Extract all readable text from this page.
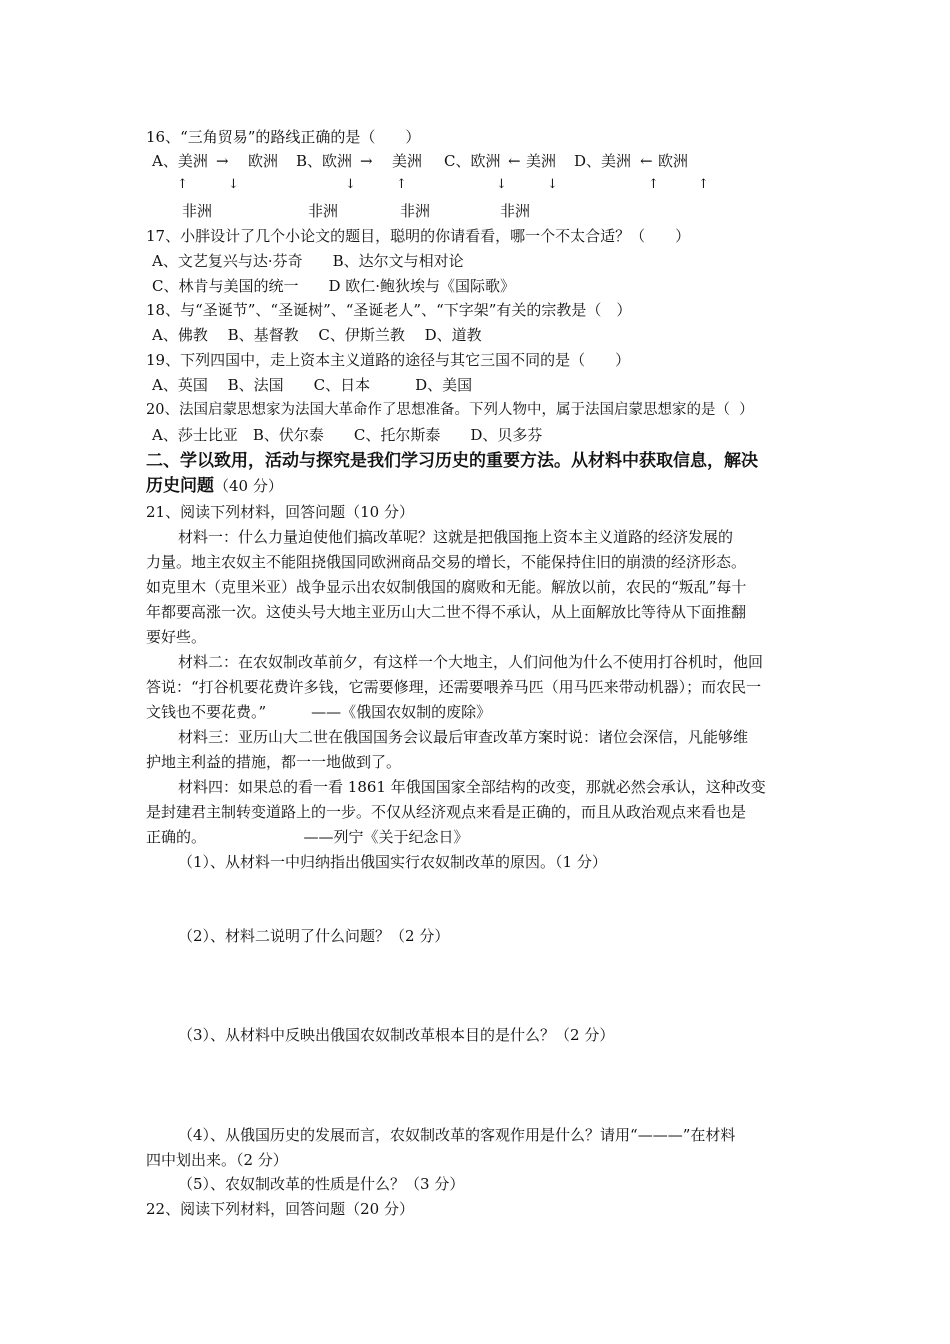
16、“三角贸易”的路线正确的是（　　）
A、美洲 → 欧洲 B、欧洲 → 美洲 C、欧洲 ← 美洲 D、美洲 ← 欧洲
↑	↓	↓	↑	↓	↓	↑	↑
非洲	非洲	非洲	非洲
17、小胖设计了几个小论文的题目，聪明的你请看看，哪一个不太合适？（　　）
A、文艺复兴与达·芬奇　　B、达尔文与相对论
C、林肯与美国的统一　　D 欧仁·鲍狄埃与《国际歌》
18、与“圣诞节”、“圣诞树”、“圣诞老人”、“下字架”有关的宗教是（　）
A、佛教　 B、基督教　 C、伊斯兰教　 D、道教
19、下列四国中，走上资本主义道路的途径与其它三国不同的是（　　）
A、英国　 B、法国　　C、日本　　　D、美国
20、法国启蒙思想家为法国大革命作了思想准备。下列人物中，属于法国启蒙思想家的是（  ）
A、莎士比亚　B、伏尔泰　　C、托尔斯泰　　D、贝多芬
二、学以致用，活动与探究是我们学习历史的重要方法。从材料中获取信息，解决
历史问题（40 分）
21、阅读下列材料，回答问题（10 分）
材料一：什么力量迫使他们搞改革呢？这就是把俄国拖上资本主义道路的经济发展的
力量。地主农奴主不能阻挠俄国同欧洲商品交易的增长，不能保持住旧的崩溃的经济形态。
如克里木（克里米亚）战争显示出农奴制俄国的腐败和无能。解放以前，农民的“叛乱”每十
年都要高涨一次。这使头号大地主亚历山大二世不得不承认，从上面解放比等待从下面推翻
要好些。
材料二：在农奴制改革前夕，有这样一个大地主，人们问他为什么不使用打谷机时，他回
答说：“打谷机要花费许多钱，它需要修理，还需要喂养马匹（用马匹来带动机器）；而农民一
文钱也不要花费。”　　　——《俄国农奴制的废除》
材料三：亚历山大二世在俄国国务会议最后审查改革方案时说：诸位会深信，凡能够维
护地主利益的措施，都一一地做到了。
材料四：如果总的看一看 1861 年俄国国家全部结构的改变，那就必然会承认，这种改变
是封建君主制转变道路上的一步。不仅从经济观点来看是正确的，而且从政治观点来看也是
正确的。　　　　　　　——列宁《关于纪念日》
（1）、从材料一中归纳指出俄国实行农奴制改革的原因。（1 分）
（2）、材料二说明了什么问题？（2 分）
（3）、从材料中反映出俄国农奴制改革根本目的是什么？（2 分）
（4）、从俄国历史的发展而言，农奴制改革的客观作用是什么？请用“———”在材料
四中划出来。（2 分）
（5）、农奴制改革的性质是什么？（3 分）
22、阅读下列材料，回答问题（20 分）
